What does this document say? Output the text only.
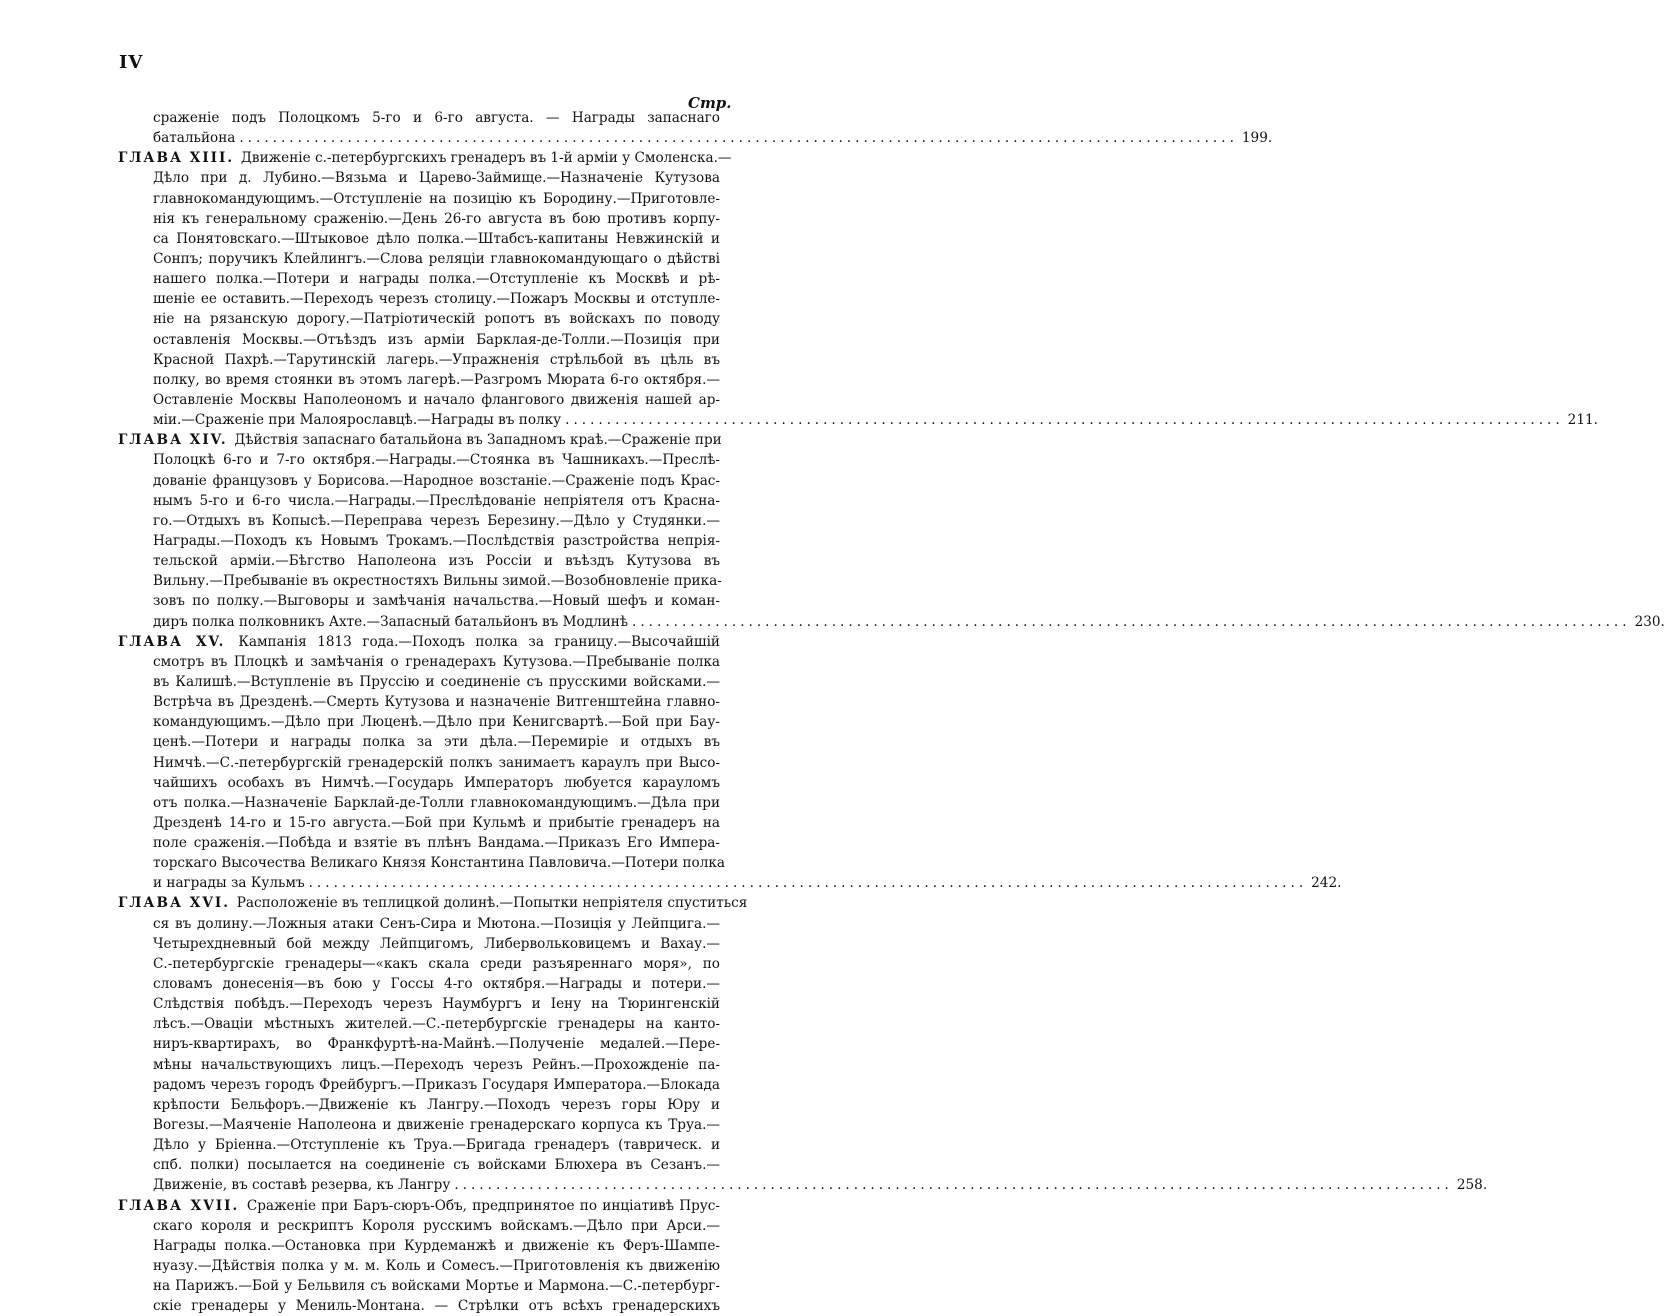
IV
Стр.
сраженіе подъ Полоцкомъ 5-го и 6-го августа. — Награды запаснаго
батальйона ........................................................................................................................ 199.
ГЛАВА XIII. Движеніе с.-петербургскихъ гренадеръ въ 1-й арміи у Смоленска.—
Дѣло при д. Лубино.—Вязьма и Царево-Займище.—Назначеніе Кутузова
главнокомандующимъ.—Отступленіе на позицію къ Бородину.—Приготовле-
нія къ генеральному сраженію.—День 26-го августа въ бою противъ корпу-
са Понятовскаго.—Штыковое дѣло полка.—Штабсъ-капитаны Невжинскій и
Сонпъ; поручикъ Клейлингъ.—Слова реляціи главнокомандующаго о дѣйстві
нашего полка.—Потери и награды полка.—Отступленіе къ Москвѣ и рѣ-
шеніе ее оставить.—Переходъ черезъ столицу.—Пожаръ Москвы и отступле-
ніе на рязанскую дорогу.—Патріотическій ропотъ въ войскахъ по поводу
оставленія Москвы.—Отъѣздъ изъ арміи Барклая-де-Толли.—Позиція при
Красной Пахрѣ.—Тарутинскій лагерь.—Упражненія стрѣльбой въ цѣль въ
полку, во время стоянки въ этомъ лагерѣ.—Разгромъ Мюрата 6-го октября.—
Оставленіе Москвы Наполеономъ и начало флангового движенія нашей ар-
міи.—Сраженіе при Малоярославцѣ.—Награды въ полку ........................................................................................................................ 211.
ГЛАВА XIV. Дѣйствія запаснаго батальйона въ Западномъ краѣ.—Сраженіе при
Полоцкѣ 6-го и 7-го октября.—Награды.—Стоянка въ Чашникахъ.—Преслѣ-
дованіе французовъ у Борисова.—Народное возстаніе.—Сраженіе подъ Крас-
нымъ 5-го и 6-го числа.—Награды.—Преслѣдованіе непріятеля отъ Красна-
го.—Отдыхъ въ Копысѣ.—Переправа черезъ Березину.—Дѣло у Студянки.—
Награды.—Походъ къ Новымъ Трокамъ.—Послѣдствія разстройства непрія-
тельской арміи.—Бѣгство Наполеона изъ Россіи и въѣздъ Кутузова въ
Вильну.—Пребываніе въ окрестностяхъ Вильны зимой.—Возобновленіе прика-
зовъ по полку.—Выговоры и замѣчанія начальства.—Новый шефъ и коман-
диръ полка полковникъ Ахте.—Запасный батальйонъ въ Модлинѣ ........................................................................................................................ 230.
ГЛАВА XV. Кампанія 1813 года.—Походъ полка за границу.—Высочайшій
смотръ въ Плоцкѣ и замѣчанія о гренадерахъ Кутузова.—Пребываніе полка
въ Калишѣ.—Вступленіе въ Пруссію и соединеніе съ прусскими войсками.—
Встрѣча въ Дрезденѣ.—Смерть Кутузова и назначеніе Витгенштейна главно-
командующимъ.—Дѣло при Люценѣ.—Дѣло при Кенигсвартѣ.—Бой при Бау-
ценѣ.—Потери и награды полка за эти дѣла.—Перемиріе и отдыхъ въ
Нимчѣ.—С.-петербургскій гренадерскій полкъ занимаетъ караулъ при Высо-
чайшихъ особахъ въ Нимчѣ.—Государь Императоръ любуется карауломъ
отъ полка.—Назначеніе Барклай-де-Толли главнокомандующимъ.—Дѣла при
Дрезденѣ 14-го и 15-го августа.—Бой при Кульмѣ и прибытіе гренадеръ на
поле сраженія.—Побѣда и взятіе въ плѣнъ Вандама.—Приказъ Его Импера-
торскаго Высочества Великаго Князя Константина Павловича.—Потери полка
и награды за Кульмъ ........................................................................................................................ 242.
ГЛАВА XVI. Расположеніе въ теплицкой долинѣ.—Попытки непріятеля спуститься
ся въ долину.—Ложныя атаки Сенъ-Сира и Мютона.—Позиція у Лейпцига.—
Четырехдневный бой между Лейпцигомъ, Либервольковицемъ и Вахау.—
С.-петербургскіе гренадеры—«какъ скала среди разъяреннаго моря», по
словамъ донесенія—въ бою у Госсы 4-го октября.—Награды и потери.—
Слѣдствія побѣдъ.—Переходъ черезъ Наумбургъ и Іену на Тюрингенскій
лѣсъ.—Оваціи мѣстныхъ жителей.—С.-петербургскіе гренадеры на канто-
ниръ-квартирахъ, во Франкфуртѣ-на-Майнѣ.—Полученіе медалей.—Пере-
мѣны начальствующихъ лицъ.—Переходъ черезъ Рейнъ.—Прохожденіе па-
радомъ черезъ городъ Фрейбургъ.—Приказъ Государя Императора.—Блокада
крѣпости Бельфоръ.—Движеніе къ Лангру.—Походъ черезъ горы Юру и
Вогезы.—Маяченіе Наполеона и движеніе гренадерскаго корпуса къ Труа.—
Дѣло у Бріенна.—Отступленіе къ Труа.—Бригада гренадеръ (таврическ. и
спб. полки) посылается на соединеніе съ войсками Блюхера въ Сезанъ.—
Движеніе, въ составѣ резерва, къ Лангру ........................................................................................................................ 258.
ГЛАВА XVII. Сраженіе при Баръ-сюръ-Объ, предпринятое по инціативѣ Прус-
скаго короля и рескриптъ Короля русскимъ войскамъ.—Дѣло при Арси.—
Награды полка.—Остановка при Курдеманжѣ и движеніе къ Феръ-Шампе-
нуазу.—Дѣйствія полка у м. м. Коль и Сомесъ.—Приготовленія къ движенію
на Парижъ.—Бой у Бельвиля съ войсками Мортье и Мармона.—С.-петербург-
скіе гренадеры у Мениль-Монтана. — Стрѣлки отъ всѣхъ гренадерскихъ
